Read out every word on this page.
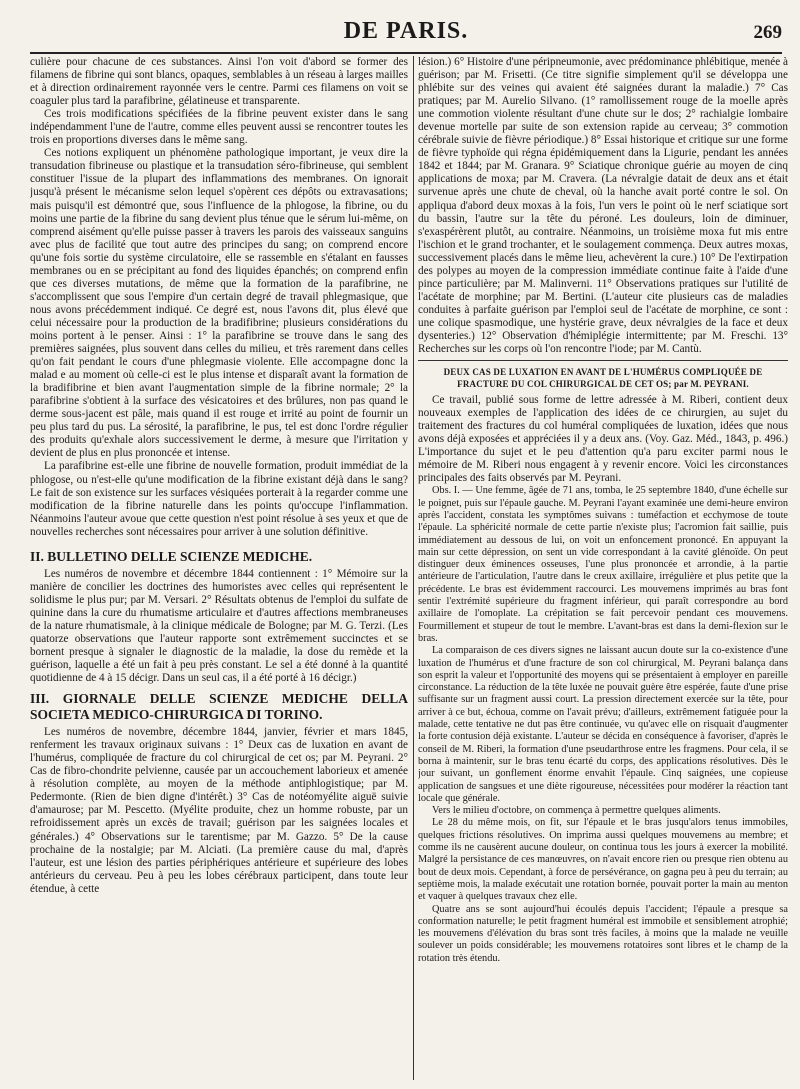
DE PARIS.	269

culière pour chacune de ces substances. Ainsi l'on voit d'abord se former des filamens de fibrine qui sont blancs, opaques, semblables à un réseau à larges mailles et à direction ordinairement rayonnée vers le centre. Parmi ces filamens on voit se coaguler plus tard la parafibrine, gélatineuse et transparente.

Ces trois modifications spécifiées de la fibrine peuvent exister dans le sang indépendamment l'une de l'autre, comme elles peuvent aussi se rencontrer toutes les trois en proportions diverses dans le même sang.

Ces notions expliquent un phénomène pathologique important, je veux dire la transudation fibrineuse ou plastique et la transudation séro-fibrineuse, qui semblent constituer l'issue de la plupart des inflammations des membranes. On ignorait jusqu'à présent le mécanisme selon lequel s'opèrent ces dépôts ou extravasations; mais puisqu'il est démontré que, sous l'influence de la phlogose, la fibrine, ou du moins une partie de la fibrine du sang devient plus ténue que le sérum lui-même, on comprend aisément qu'elle puisse passer à travers les parois des vaisseaux sanguins avec plus de facilité que tout autre des principes du sang; on comprend encore qu'une fois sortie du système circulatoire, elle se rassemble en s'étalant en fausses membranes ou en se précipitant au fond des liquides épanchés; on comprend enfin que ces diverses mutations, de même que la formation de la parafibrine, ne s'accomplissent que sous l'empire d'un certain degré de travail phlegmasique, que nous avons précédemment indiqué. Ce degré est, nous l'avons dit, plus élevé que celui nécessaire pour la production de la bradifibrine; plusieurs considérations du moins portent à le penser. Ainsi : 1° la parafibrine se trouve dans le sang des premières saignées, plus souvent dans celles du milieu, et très rarement dans celles qu'on fait pendant le cours d'une phlegmasie violente. Elle accompagne donc la malad e au moment où celle-ci est le plus intense et disparaît avant la formation de la bradifibrine et bien avant l'augmentation simple de la fibrine normale; 2° la parafibrine s'obtient à la surface des vésicatoires et des brûlures, non pas quand le derme sous-jacent est pâle, mais quand il est rouge et irrité au point de fournir un peu plus tard du pus. La sérosité, la parafibrine, le pus, tel est donc l'ordre régulier des produits qu'exhale alors successivement le derme, à mesure que l'irritation y devient de plus en plus prononcée et intense.

La parafibrine est-elle une fibrine de nouvelle formation, produit immédiat de la phlogose, ou n'est-elle qu'une modification de la fibrine existant déjà dans le sang? Le fait de son existence sur les surfaces vésiquées porterait à la regarder comme une modification de la fibrine naturelle dans les points qu'occupe l'inflammation. Néanmoins l'auteur avoue que cette question n'est point résolue à ses yeux et que de nouvelles recherches sont nécessaires pour arriver à une solution définitive.

II. BULLETINO DELLE SCIENZE MEDICHE.

Les numéros de novembre et décembre 1844 contiennent : 1° Mémoire sur la manière de concilier les doctrines des humoristes avec celles qui représentent le solidisme le plus pur; par M. Versari. 2° Résultats obtenus de l'emploi du sulfate de quinine dans la cure du rhumatisme articulaire et d'autres affections membraneuses de la nature rhumatismale, à la clinique médicale de Bologne; par M. G. Terzi. (Les quatorze observations que l'auteur rapporte sont extrêmement succinctes et se bornent presque à signaler le diagnostic de la maladie, la dose du remède et la guérison, laquelle a été un fait à peu près constant. Le sel a été donné à la quantité quotidienne de 4 à 15 décigr. Dans un seul cas, il a été porté à 16 décigr.)

III. GIORNALE DELLE SCIENZE MEDICHE DELLA SOCIETA MEDICO-CHIRURGICA DI TORINO.

Les numéros de novembre, décembre 1844, janvier, février et mars 1845, renferment les travaux originaux suivans : 1° Deux cas de luxation en avant de l'humérus, compliquée de fracture du col chirurgical de cet os; par M. Peyrani. 2° Cas de fibro-chondrite pelvienne, causée par un accouchement laborieux et amenée à résolution complète, au moyen de la méthode antiphlogistique; par M. Pedermonte. (Rien de bien digne d'intérêt.) 3° Cas de notéomyélite aiguë suivie d'amaurose; par M. Pescetto. (Myélite produite, chez un homme robuste, par un refroidissement après un excès de travail; guérison par les saignées locales et générales.) 4° Observations sur le tarentisme; par M. Gazzo. 5° De la cause prochaine de la nostalgie; par M. Alciati. (La première cause du mal, d'après l'auteur, est une lésion des parties périphériques antérieure et supérieure des lobes antérieurs du cerveau. Peu à peu les lobes cérébraux participent, dans toute leur étendue, à cette

lésion.) 6° Histoire d'une péripneumonie, avec prédominance phlébitique, menée à guérison; par M. Frisetti. (Ce titre signifie simplement qu'il se développa une phlébite sur des veines qui avaient été saignées durant la maladie.) 7° Cas pratiques; par M. Aurelio Silvano. (1° ramollissement rouge de la moelle après une commotion violente résultant d'une chute sur le dos; 2° rachialgie lombaire devenue mortelle par suite de son extension rapide au cerveau; 3° commotion cérébrale suivie de fièvre périodique.) 8° Essai historique et critique sur une forme de fièvre typhoïde qui régna épidémiquement dans la Ligurie, pendant les années 1842 et 1844; par M. Granara. 9° Sciatique chronique guérie au moyen de cinq applications de moxa; par M. Cravera. (La névralgie datait de deux ans et était survenue après une chute de cheval, où la hanche avait porté contre le sol. On appliqua d'abord deux moxas à la fois, l'un vers le point où le nerf sciatique sort du bassin, l'autre sur la tête du péroné. Les douleurs, loin de diminuer, s'exaspérèrent plutôt, au contraire. Néanmoins, un troisième moxa fut mis entre l'ischion et le grand trochanter, et le soulagement commença. Deux autres moxas, successivement placés dans le même lieu, achevèrent la cure.) 10° De l'extirpation des polypes au moyen de la compression immédiate continue faite à l'aide d'une pince particulière; par M. Malinverni. 11° Observations pratiques sur l'utilité de l'acétate de morphine; par M. Bertini. (L'auteur cite plusieurs cas de maladies conduites à parfaite guérison par l'emploi seul de l'acétate de morphine, ce sont : une colique spasmodique, une hystérie grave, deux névralgies de la face et deux dysenteries.) 12° Observation d'hémiplégie intermittente; par M. Freschi. 13° Recherches sur les corps où l'on rencontre l'iode; par M. Cantù.

DEUX CAS DE LUXATION EN AVANT DE L'HUMÉRUS COMPLIQUÉE DE FRACTURE DU COL CHIRURGICAL DE CET OS; par M. PEYRANI.

Ce travail, publié sous forme de lettre adressée à M. Riberi, contient deux nouveaux exemples de l'application des idées de ce chirurgien, au sujet du traitement des fractures du col huméral compliquées de luxation, idées que nous avons déjà exposées et appréciées il y a deux ans. (Voy. Gaz. Méd., 1843, p. 496.) L'importance du sujet et le peu d'attention qu'a paru exciter parmi nous le mémoire de M. Riberi nous engagent à y revenir encore. Voici les circonstances principales des faits observés par M. Peyrani.

Obs. I. — Une femme, âgée de 71 ans, tomba, le 25 septembre 1840, d'une échelle sur le poignet, puis sur l'épaule gauche. M. Peyrani l'ayant examinée une demi-heure environ après l'accident, constata les symptômes suivans : tuméfaction et ecchymose de toute l'épaule. La sphéricité normale de cette partie n'existe plus; l'acromion fait saillie, puis immédiatement au dessous de lui, on voit un enfoncement prononcé. En appuyant la main sur cette dépression, on sent un vide correspondant à la cavité glénoïde. On peut distinguer deux éminences osseuses, l'une plus prononcée et arrondie, à la partie antérieure de l'articulation, l'autre dans le creux axillaire, irrégulière et plus petite que la précédente. Le bras est évidemment raccourci. Les mouvemens imprimés au bras font sentir l'extrémité supérieure du fragment inférieur, qui paraît correspondre au bord axillaire de l'omoplate. La crépitation se fait percevoir pendant ces mouvemens. Fourmillement et stupeur de tout le membre. L'avant-bras est dans la demi-flexion sur le bras.

La comparaison de ces divers signes ne laissant aucun doute sur la co-existence d'une luxation de l'humérus et d'une fracture de son col chirurgical, M. Peyrani balança dans son esprit la valeur et l'opportunité des moyens qui se présentaient à employer en pareille circonstance. La réduction de la tête luxée ne pouvait guère être espérée, faute d'une prise suffisante sur un fragment aussi court. La pression directement exercée sur la tête, pour arriver à ce but, échoua, comme on l'avait prévu; d'ailleurs, extrêmement fatiguée pour la malade, cette tentative ne dut pas être continuée, vu qu'avec elle on risquait d'augmenter la forte contusion déjà existante. L'auteur se décida en conséquence à favoriser, d'après le conseil de M. Riberi, la formation d'une pseudarthrose entre les fragmens. Pour cela, il se borna à maintenir, sur le bras tenu écarté du corps, des applications résolutives. Dès le jour suivant, un gonflement énorme envahit l'épaule. Cinq saignées, une copieuse application de sangsues et une diète rigoureuse, nécessitées pour modérer la réaction tant locale que générale.

Vers le milieu d'octobre, on commença à permettre quelques aliments.

Le 28 du même mois, on fit, sur l'épaule et le bras jusqu'alors tenus immobiles, quelques frictions résolutives. On imprima aussi quelques mouvemens au membre; et comme ils ne causèrent aucune douleur, on continua tous les jours à exercer la mobilité. Malgré la persistance de ces manœuvres, on n'avait encore rien ou presque rien obtenu au bout de deux mois. Cependant, à force de persévérance, on gagna peu à peu du terrain; au septième mois, la malade exécutait une rotation bornée, pouvait porter la main au menton et vaquer à quelques travaux chez elle.

Quatre ans se sont aujourd'hui écoulés depuis l'accident; l'épaule a presque sa conformation naturelle; le petit fragment huméral est immobile et sensiblement atrophié; les mouvemens d'élévation du bras sont très faciles, à moins que la malade ne veuille soulever un poids considérable; les mouvemens rotatoires sont libres et le champ de la rotation très étendu.
